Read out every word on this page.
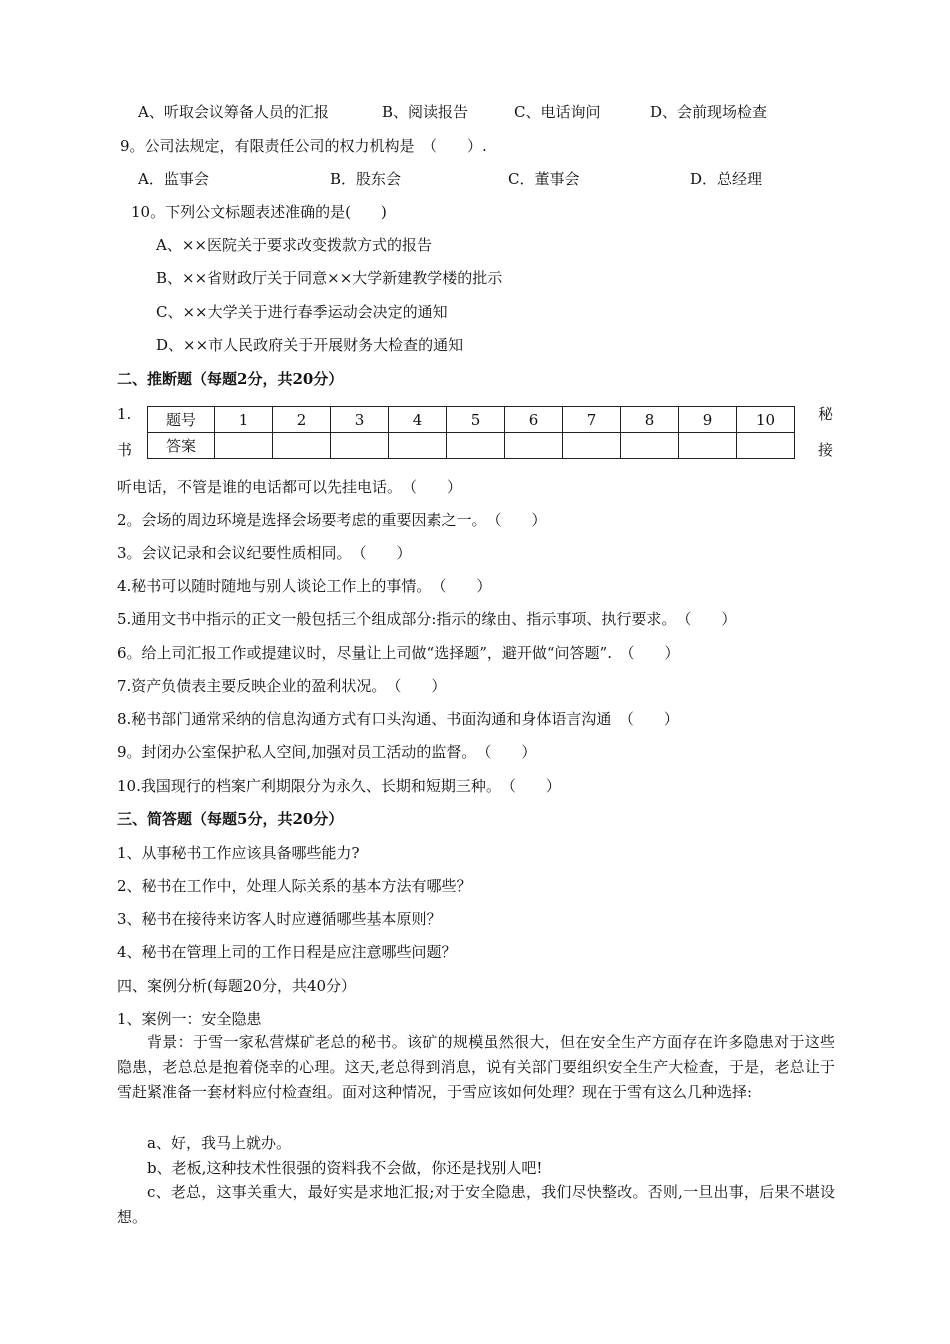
A、听取会议筹备人员的汇报	B、阅读报告	C、电话询问	D、会前现场检查
9。公司法规定，有限责任公司的权力机构是　（　　）.
A．监事会	B．股东会	C．董事会	D．总经理
10。下列公文标题表述准确的是(　　)
A、××医院关于要求改变拨款方式的报告
B、××省财政厅关于同意××大学新建教学楼的批示
C、××大学关于进行春季运动会决定的通知
D、××市人民政府关于开展财务大检查的通知
二、推断题（每题2分，共20分）
1.
书
秘
接
题号	1	2	3	4	5	6	7	8	9	10
答案										
听电话，不管是谁的电话都可以先挂电话。　（　　）
2。会场的周边环境是选择会场要考虑的重要因素之一。　（　　）
3。会议记录和会议纪要性质相同。　（　　）
4.秘书可以随时随地与别人谈论工作上的事情。　（　　）
5.通用文书中指示的正文一般包括三个组成部分:指示的缘由、指示事项、执行要求。　（　　）
6。给上司汇报工作或提建议时，尽量让上司做“选择题”，避开做“问答题”.　（　　）
7.资产负债表主要反映企业的盈利状况。　（　　）
8.秘书部门通常采纳的信息沟通方式有口头沟通、书面沟通和身体语言沟通　（　　）
9。封闭办公室保护私人空间,加强对员工活动的监督。　（　　）
10.我国现行的档案广利期限分为永久、长期和短期三种。　（　　）
三、简答题（每题5分，共20分）
1、从事秘书工作应该具备哪些能力?
2、秘书在工作中，处理人际关系的基本方法有哪些？
3、秘书在接待来访客人时应遵循哪些基本原则？
4、秘书在管理上司的工作日程是应注意哪些问题？
四、案例分析(每题20分，共40分）
1、案例一：安全隐患
背景：于雪一家私营煤矿老总的秘书。该矿的规模虽然很大，但在安全生产方面存在许多隐患对于这些隐患，老总总是抱着侥幸的心理。这天,老总得到消息，说有关部门要组织安全生产大检查，于是，老总让于雪赶紧准备一套材料应付检查组。面对这种情况，于雪应该如何处理？现在于雪有这么几种选择:
a、好，我马上就办。
b、老板,这种技术性很强的资料我不会做，你还是找别人吧!
c、老总，这事关重大，最好实是求地汇报;对于安全隐患，我们尽快整改。否则,一旦出事，后果不堪设想。
